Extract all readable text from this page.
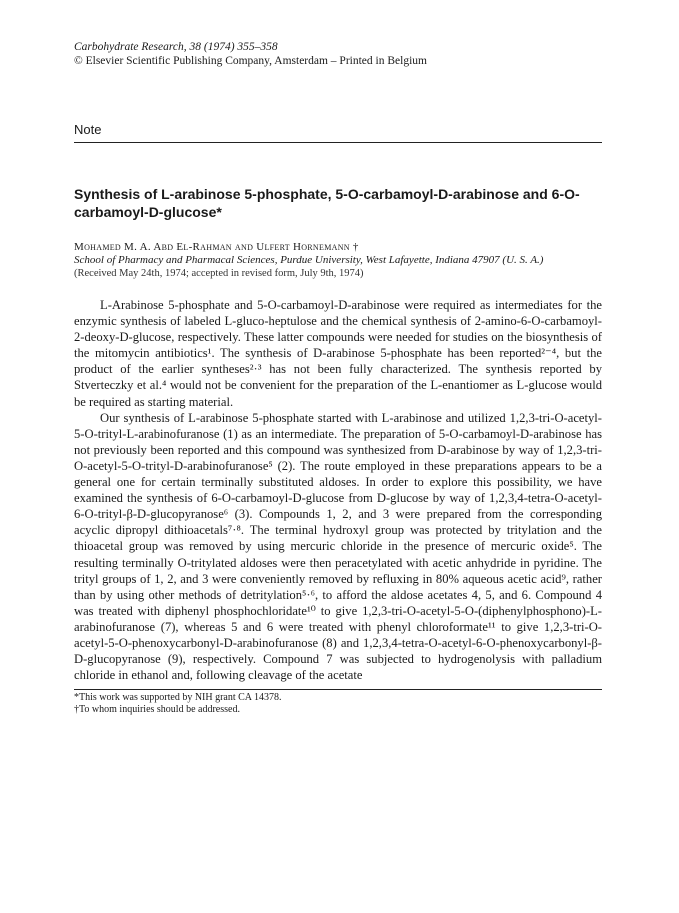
Carbohydrate Research, 38 (1974) 355–358
© Elsevier Scientific Publishing Company, Amsterdam – Printed in Belgium
Note
Synthesis of L-arabinose 5-phosphate, 5-O-carbamoyl-D-arabinose and 6-O-carbamoyl-D-glucose*
Mohamed M. A. Abd El-Rahman and Ulfert Hornemann †
School of Pharmacy and Pharmacal Sciences, Purdue University, West Lafayette, Indiana 47907 (U. S. A.)
(Received May 24th, 1974; accepted in revised form, July 9th, 1974)

L-Arabinose 5-phosphate and 5-O-carbamoyl-D-arabinose were required as intermediates for the enzymic synthesis of labeled L-gluco-heptulose and the chemical synthesis of 2-amino-6-O-carbamoyl-2-deoxy-D-glucose, respectively. These latter compounds were needed for studies on the biosynthesis of the mitomycin antibiotics¹. The synthesis of D-arabinose 5-phosphate has been reported²⁻⁴, but the product of the earlier syntheses²·³ has not been fully characterized. The synthesis reported by Stverteczky et al.⁴ would not be convenient for the preparation of the L-enantiomer as L-glucose would be required as starting material.

Our synthesis of L-arabinose 5-phosphate started with L-arabinose and utilized 1,2,3-tri-O-acetyl-5-O-trityl-L-arabinofuranose (1) as an intermediate. The preparation of 5-O-carbamoyl-D-arabinose has not previously been reported and this compound was synthesized from D-arabinose by way of 1,2,3-tri-O-acetyl-5-O-trityl-D-arabinofuranose⁵ (2). The route employed in these preparations appears to be a general one for certain terminally substituted aldoses. In order to explore this possibility, we have examined the synthesis of 6-O-carbamoyl-D-glucose from D-glucose by way of 1,2,3,4-tetra-O-acetyl-6-O-trityl-β-D-glucopyranose⁶ (3). Compounds 1, 2, and 3 were prepared from the corresponding acyclic dipropyl dithioacetals⁷·⁸. The terminal hydroxyl group was protected by tritylation and the thioacetal group was removed by using mercuric chloride in the presence of mercuric oxide⁵. The resulting terminally O-tritylated aldoses were then peracetylated with acetic anhydride in pyridine. The trityl groups of 1, 2, and 3 were conveniently removed by refluxing in 80% aqueous acetic acid⁹, rather than by using other methods of detritylation⁵·⁶, to afford the aldose acetates 4, 5, and 6. Compound 4 was treated with diphenyl phosphochloridate¹⁰ to give 1,2,3-tri-O-acetyl-5-O-(diphenylphosphono)-L-arabinofuranose (7), whereas 5 and 6 were treated with phenyl chloroformate¹¹ to give 1,2,3-tri-O-acetyl-5-O-phenoxycarbonyl-D-arabinofuranose (8) and 1,2,3,4-tetra-O-acetyl-6-O-phenoxycarbonyl-β-D-glucopyranose (9), respectively. Compound 7 was subjected to hydrogenolysis with palladium chloride in ethanol and, following cleavage of the acetate

*This work was supported by NIH grant CA 14378.
†To whom inquiries should be addressed.
